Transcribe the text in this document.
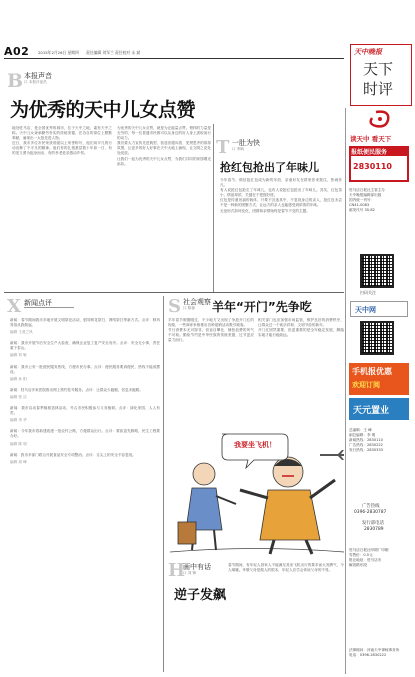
A02 2015年2月26日 星期四 责任编辑 刘军兰 责任校对 永 斌	天中晚报
天下时评
B 本报声音
口 本报评论员
为优秀的天中儿女点赞

地处驻马店，是全国优秀的城市，位于天中之地，素有天中之称。天中儿女秉承勤劳朴实的传统美德，在各自的岗位上默默奉献，涌现出一大批先进人物。

近日，我市多位市民荣获省级以上荣誉称号，他们用平凡的行动诠释了不平凡的精神。他们有的扎根基层数十年如一日，有的见义勇为挺身而出，有的孝老爱亲感动乡邻。

为优秀的天中儿女点赞，就是为正能量点赞。榜样的力量是无穷的，每一位普通市民都可以从身边的好人身上汲取前行的动力。

我们要大力宣传先进典型，营造崇德向善、见贤思齐的浓厚氛围，让更多的好人好事在天中大地上涌现，让文明之花处处绽放。

让我们一起为优秀的天中儿女点赞，为我们共同的家园增光添彩。

T 一肚为快
口 李响
抢红包抢出了年味儿

今年春节，微信抢红包成为新的年俗，亲朋好友在群里你来我往，热闹非凡。

有人说抢红包抢走了年味儿，也有人说抢红包抢出了年味儿。其实，红包虽小，情谊却浓，关键在于把握好度。

红包是传递祝福的载体，只要不沉迷其中、不忽视身边的亲人，抢红包未尝不是一种新的团聚方式，让远方的亲人也能感受到浓浓的年味。

无论形式如何变化，团圆和亲情始终是春节不变的主题。

X 新闻点评

新闻：春节期间我市多地开展文明祭祀活动，倡导鲜花祭扫、网络祭扫等新方式。点评：移风易俗从我做起。

编辑 王者之风

新闻：我市开展节后安全生产大检查，确保企业复工复产安全有序。点评：安全无小事，责任重于泰山。

编辑 刘 敏

新闻：我市公布一批便民服务热线，方便市民办事。点评：便民服务要真便民，热线不能成摆设。

编辑 孙 阳

新闻：驻马店多家医院推出网上预约挂号服务。点评：让群众少跑腿，信息多跑路。

编辑 张 洁

新闻：我市启动春季植树造林活动，号召市民积极参与义务植树。点评：绿化家园，人人有责。

编辑 李 华

新闻：今年我市将新建改建一批农村公路，方便群众出行。点评：要致富先修路，民生工程要办好。

编辑 陈 明

新闻：我市多部门联合开展食品安全专项整治。点评：舌尖上的安全不容忽视。

编辑 周 峰

S 社会观察
口 陈蓉 羊年“开门”先争吃

羊年春节假期刚过，不少地方又出现了争抢开门红的现象，一些商家争相推出各种促销活动吸引顾客。

节日消费本无可厚非，但盲目攀比、铺张浪费的风气不可取。勤俭节约是中华民族的传统美德，过节更应量力而行。

相关部门也应加强市场监管，维护良好的消费秩序，让群众过一个欢乐祥和、文明节俭的新年。

开门红固然重要，但更重要的是全年稳定发展，脚踏实地才能行稳致远。

我要坐飞机！
H
画中有话
口 刘 锋
逆子发飙
春节期间，有年轻人因家人不能满足其坐飞机出行的要求而大发脾气，令人唏嘘。孝敬父母是做人的根本，年轻人应学会体谅父母的不易。
读天中 看天下
报纸便民服务
2830110
驻马店日报社主管主办
天中晚报编辑部出版
国内统一刊号：
CN41-0083
邮发代号 35-82
扫码关注
天中网
手机报优惠
欢迎订阅
天元置业
总编辑：王 峰
副总编辑：李 明
新闻热线：2830110
广告热线：2830222
发行热线：2830333
广告热线
0396-2830787
发行部电话
2830789
驻马店日报社印刷厂印刷
零售价：0.5元
报社地址：驻马店市
解放路东段
法律顾问：河南天中律师事务所
电话：0396-2830222
